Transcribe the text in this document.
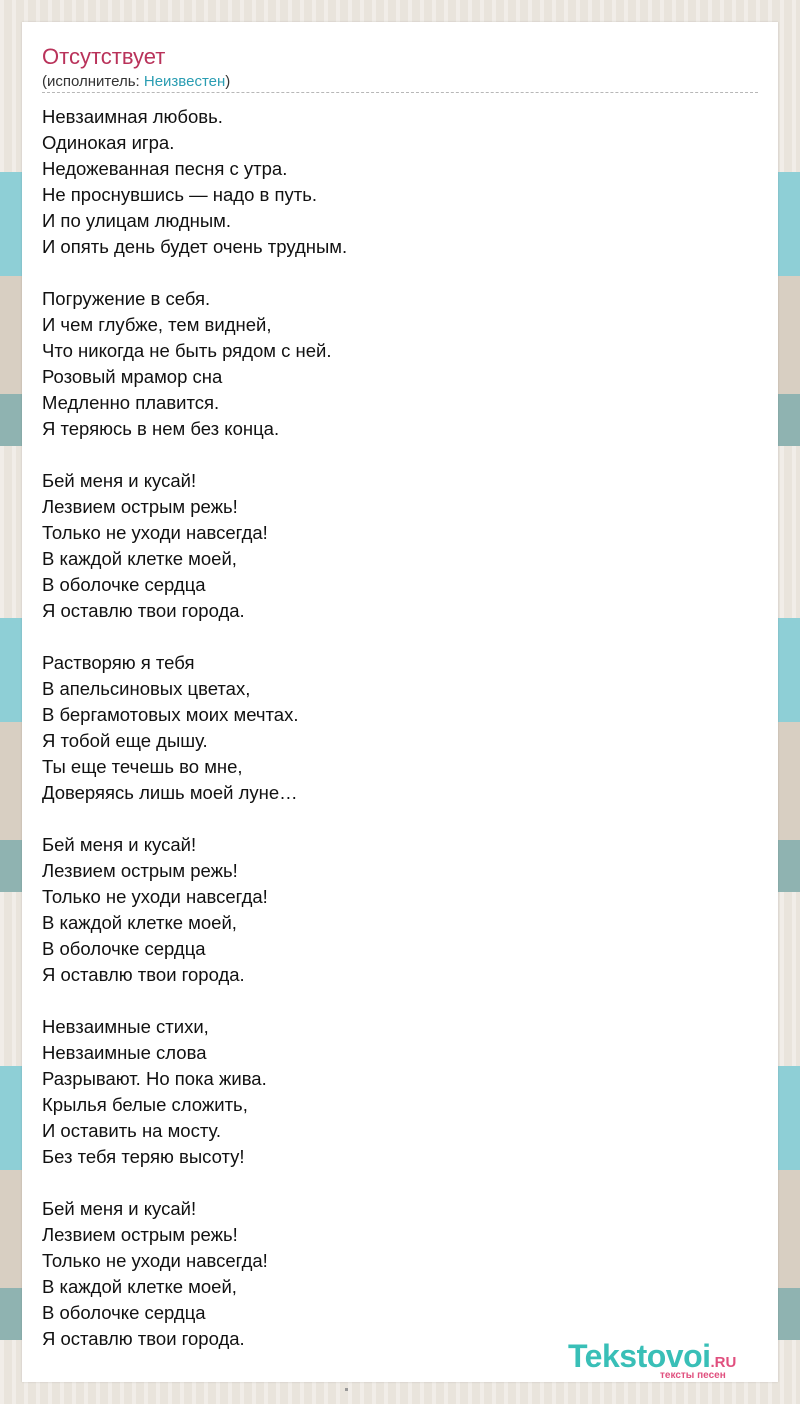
Отсутствует
(исполнитель: Неизвестен)
Невзаимная любовь.
Одинокая игра.
Недожеванная песня с утра.
Не проснувшись — надо в путь.
И по улицам людным.
И опять день будет очень трудным.
Погружение в себя.
И чем глубже, тем видней,
Что никогда не быть рядом с ней.
Розовый мрамор сна
Медленно плавится.
Я теряюсь в нем без конца.
Бей меня и кусай!
Лезвием острым режь!
Только не уходи навсегда!
В каждой клетке моей,
В оболочке сердца
Я оставлю твои города.
Растворяю я тебя
В апельсиновых цветах,
В бергамотовых моих мечтах.
Я тобой еще дышу.
Ты еще течешь во мне,
Доверяясь лишь моей луне…
Бей меня и кусай!
Лезвием острым режь!
Только не уходи навсегда!
В каждой клетке моей,
В оболочке сердца
Я оставлю твои города.
Невзаимные стихи,
Невзаимные слова
Разрывают. Но пока жива.
Крылья белые сложить,
И оставить на мосту.
Без тебя теряю высоту!
Бей меня и кусай!
Лезвием острым режь!
Только не уходи навсегда!
В каждой клетке моей,
В оболочке сердца
Я оставлю твои города.	Tekstovoi.RU
тексты песен
